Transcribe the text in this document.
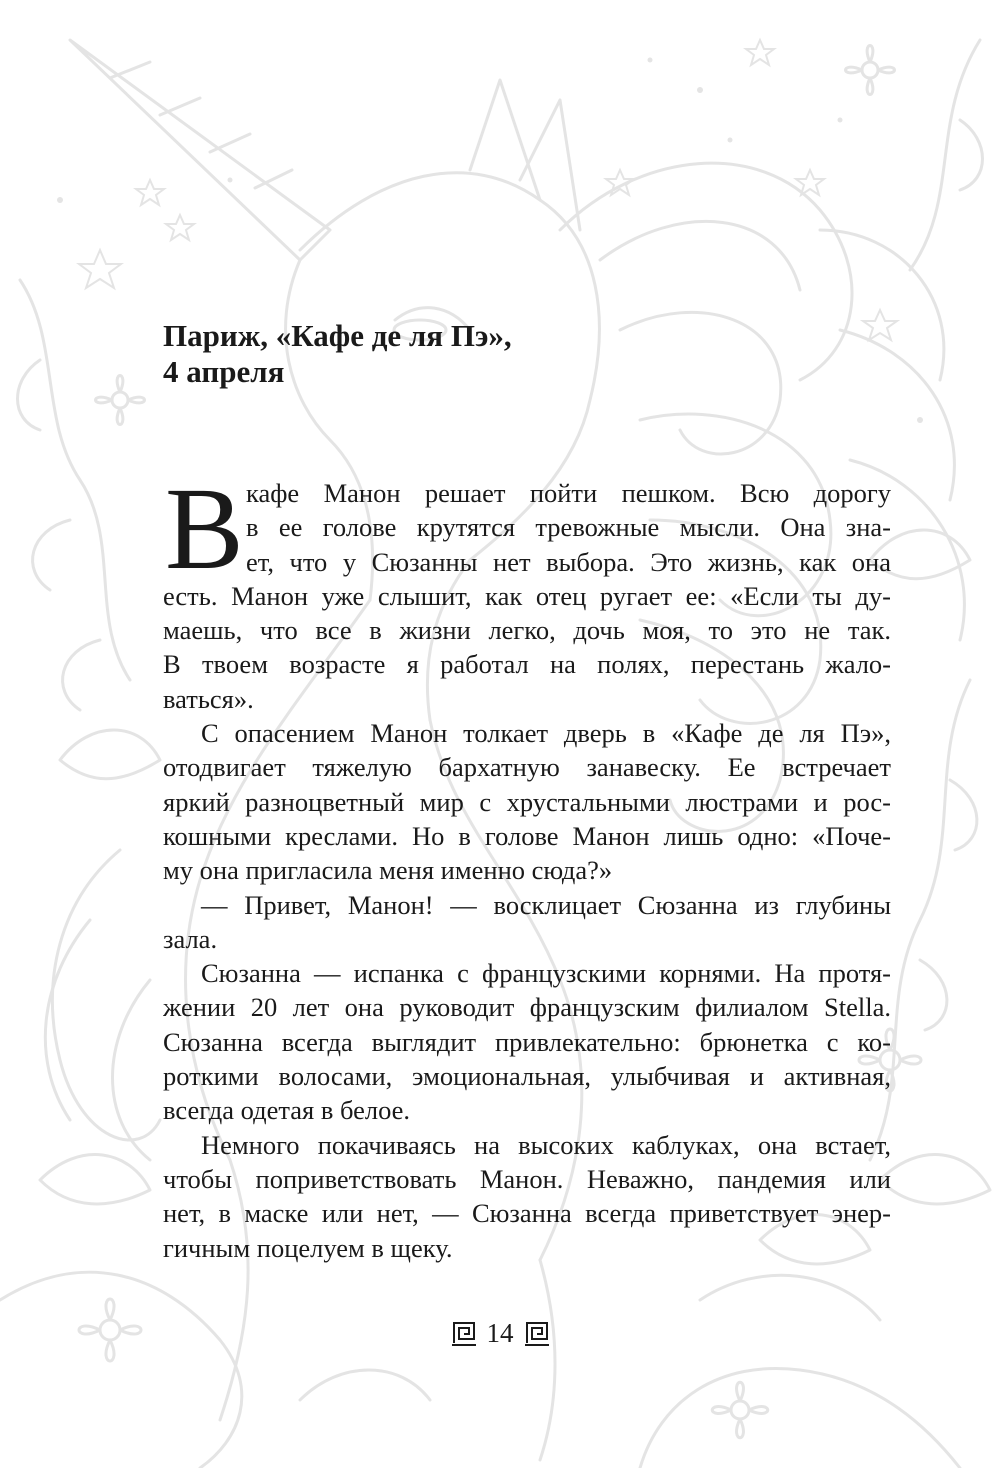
Париж, «Кафе де ля Пэ»,
4 апреля
В кафе Манон решает пойти пешком. Всю дорогу
в ее голове крутятся тревожные мысли. Она зна-
ет, что у Сюзанны нет выбора. Это жизнь, как она
есть. Манон уже слышит, как отец ругает ее: «Если ты ду-
маешь, что все в жизни легко, дочь моя, то это не так.
В твоем возрасте я работал на полях, перестань жало-
ваться».
С опасением Манон толкает дверь в «Кафе де ля Пэ»,
отодвигает тяжелую бархатную занавеску. Ее встречает
яркий разноцветный мир с хрустальными люстрами и рос-
кошными креслами. Но в голове Манон лишь одно: «Поче-
му она пригласила меня именно сюда?»
— Привет, Манон! — восклицает Сюзанна из глубины
зала.
Сюзанна — испанка с французскими корнями. На протя-
жении 20 лет она руководит французским филиалом Stella.
Сюзанна всегда выглядит привлекательно: брюнетка с ко-
роткими волосами, эмоциональная, улыбчивая и активная,
всегда одетая в белое.
Немного покачиваясь на высоких каблуках, она встает,
чтобы поприветствовать Манон. Неважно, пандемия или
нет, в маске или нет, — Сюзанна всегда приветствует энер-
гичным поцелуем в щеку.
14
